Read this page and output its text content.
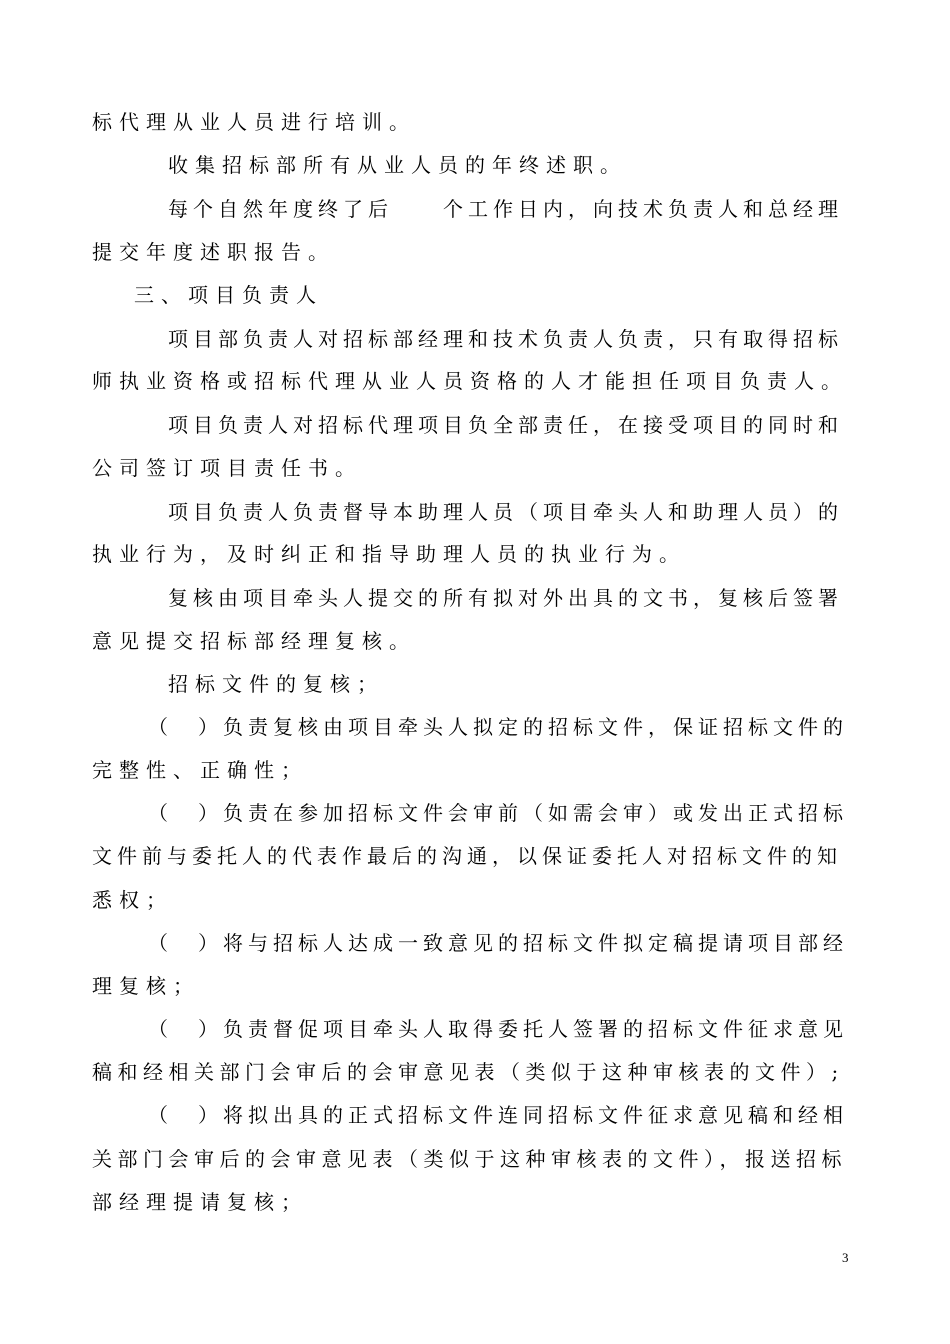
标代理从业人员进行培训。
收集招标部所有从业人员的年终述职。
每个自然年度终了后　　个工作日内，向技术负责人和总经理
提交年度述职报告。
三、项目负责人
项目部负责人对招标部经理和技术负责人负责，只有取得招标
师执业资格或招标代理从业人员资格的人才能担任项目负责人。
项目负责人对招标代理项目负全部责任，在接受项目的同时和
公司签订项目责任书。
项目负责人负责督导本助理人员（项目牵头人和助理人员）的
执业行为，及时纠正和指导助理人员的执业行为。
复核由项目牵头人提交的所有拟对外出具的文书，复核后签署
意见提交招标部经理复核。
招标文件的复核；
（　）负责复核由项目牵头人拟定的招标文件，保证招标文件的
完整性、正确性；
（　）负责在参加招标文件会审前（如需会审）或发出正式招标
文件前与委托人的代表作最后的沟通，以保证委托人对招标文件的知
悉权；
（　）将与招标人达成一致意见的招标文件拟定稿提请项目部经
理复核；
（　）负责督促项目牵头人取得委托人签署的招标文件征求意见
稿和经相关部门会审后的会审意见表（类似于这种审核表的文件）;
（　）将拟出具的正式招标文件连同招标文件征求意见稿和经相
关部门会审后的会审意见表（类似于这种审核表的文件），报送招标
部经理提请复核；
3
